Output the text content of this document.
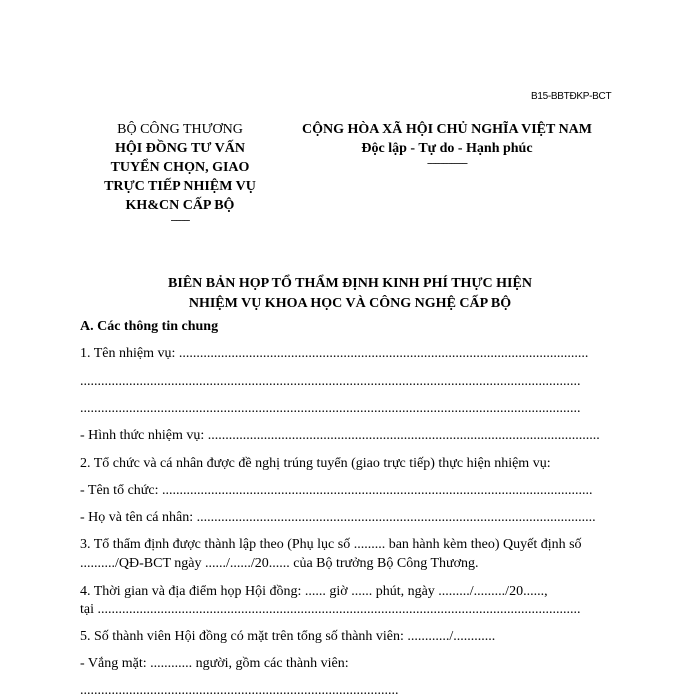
B15-BBTĐKP-BCT
BỘ CÔNG THƯƠNG
HỘI ĐỒNG TƯ VẤN
TUYỂN CHỌN, GIAO
TRỰC TIẾP NHIỆM VỤ
KH&CN CẤP BỘ
-------
CỘNG HÒA XÃ HỘI CHỦ NGHĨA VIỆT NAM
Độc lập - Tự do - Hạnh phúc
---------------
BIÊN BẢN HỌP TỔ THẨM ĐỊNH KINH PHÍ THỰC HIỆN
NHIỆM VỤ KHOA HỌC VÀ CÔNG NGHỆ CẤP BỘ
A. Các thông tin chung
1. Tên nhiệm vụ: .....................................................................................................................
...............................................................................................................................................
...............................................................................................................................................
- Hình thức nhiệm vụ: ................................................................................................................
2. Tổ chức và cá nhân được đề nghị trúng tuyển (giao trực tiếp) thực hiện nhiệm vụ:
- Tên tổ chức: ...........................................................................................................................
- Họ và tên cá nhân: ..................................................................................................................
3. Tổ thẩm định được thành lập theo (Phụ lục số ......... ban hành kèm theo) Quyết định số
........../QĐ-BCT ngày ....../....../20...... của Bộ trưởng Bộ Công Thương.
4. Thời gian và địa điểm họp Hội đồng: ...... giờ ...... phút, ngày ........./........./20......,
tại ..........................................................................................................................................
5. Số thành viên Hội đồng có mặt trên tổng số thành viên: ............/............
- Vắng mặt: ............ người, gồm các thành viên:
...........................................................................................
